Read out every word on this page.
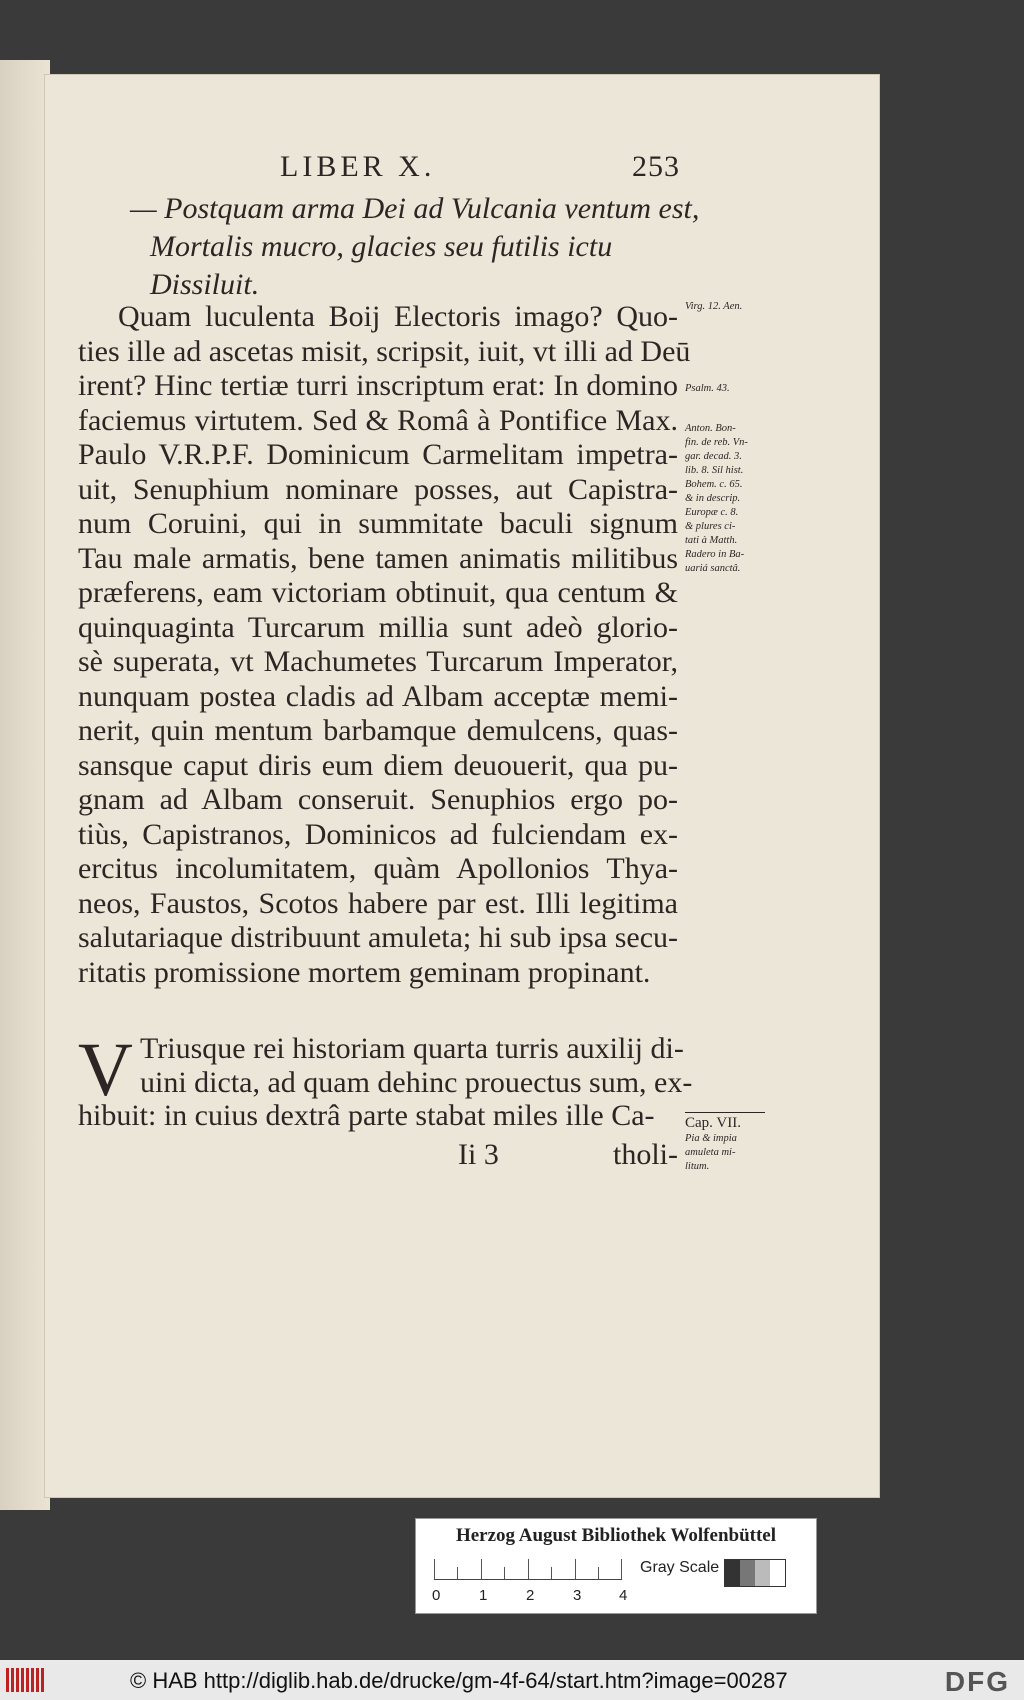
LIBER X.	253
— Postquam arma Dei ad Vulcania ventum est,
Mortalis mucro, glacies seu futilis ictu
Dissiluit.
Quam luculenta Boij Electoris imago? Quo-
ties ille ad ascetas misit, scripsit, iuit, vt illi ad Deū
irent? Hinc tertiæ turri inscriptum erat: In domino
faciemus virtutem. Sed & Româ à Pontifice Max.
Paulo V.R.P.F. Dominicum Carmelitam impetra-
uit, Senuphium nominare posses, aut Capistra-
num Coruini, qui in summitate baculi signum
Tau male armatis, bene tamen animatis militibus
præferens, eam victoriam obtinuit, qua centum &
quinquaginta Turcarum millia sunt adeò glorio-
sè superata, vt Machumetes Turcarum Imperator,
nunquam postea cladis ad Albam acceptæ memi-
nerit, quin mentum barbamque demulcens, quas-
sansque caput diris eum diem deuouerit, qua pu-
gnam ad Albam conseruit. Senuphios ergo po-
tiùs, Capistranos, Dominicos ad fulciendam ex-
ercitus incolumitatem, quàm Apollonios Thya-
neos, Faustos, Scotos habere par est. Illi legitima
salutariaque distribuunt amuleta; hi sub ipsa secu-
ritatis promissione mortem geminam propinant.
Virg. 12. Aen.
Psalm. 43.
Anton. Bon-
fin. de reb. Vn-
gar. decad. 3.
lib. 8. Sil hist.
Bohem. c. 65.
& in descrip.
Europæ c. 8.
& plures ci-
tati à Matth.
Radero in Ba-
uariá sanctâ.
V Triusque rei historiam quarta turris auxilij di-
uini dicta, ad quam dehinc prouectus sum, ex-
hibuit: in cuius dextrâ parte stabat miles ille Ca-
Ii 3	tholi-
Cap. VII.
Pia & impia
amuleta mi-
litum.
Herzog August Bibliothek Wolfenbüttel
0	1	2	3	4
Gray Scale
© HAB http://diglib.hab.de/drucke/gm-4f-64/start.htm?image=00287	DFG
